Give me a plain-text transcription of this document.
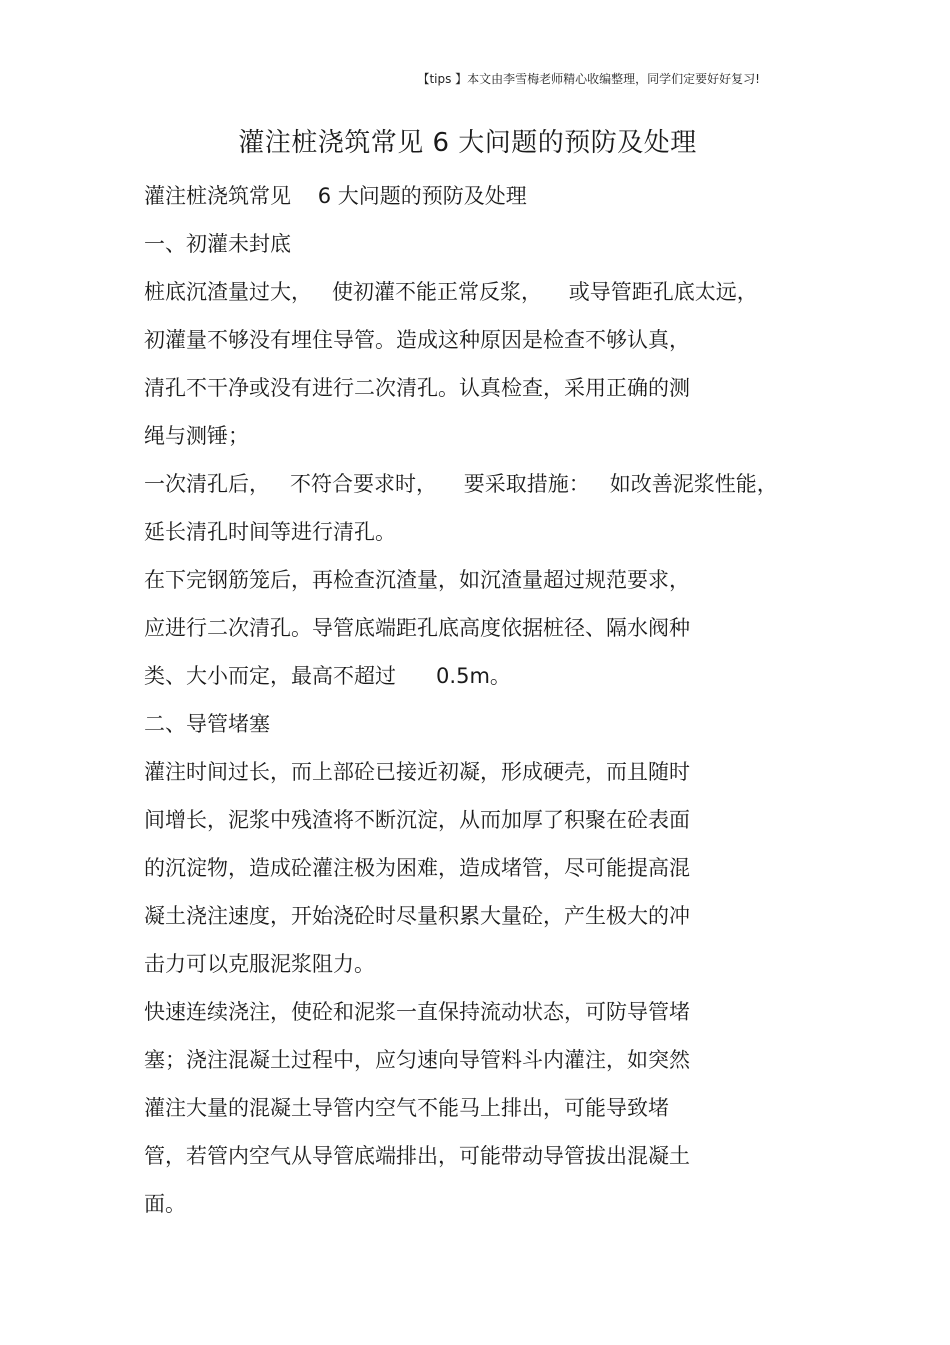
【tips 】本文由李雪梅老师精心收编整理，同学们定要好好复习!
灌注桩浇筑常见 6 大问题的预防及处理
灌注桩浇筑常见    6 大问题的预防及处理
一、初灌未封底
桩底沉渣量过大，   使初灌不能正常反浆，    或导管距孔底太远，
初灌量不够没有埋住导管。造成这种原因是检查不够认真，
清孔不干净或没有进行二次清孔。认真检查，采用正确的测
绳与测锤；
一次清孔后，   不符合要求时，    要采取措施：   如改善泥浆性能，
延长清孔时间等进行清孔。
在下完钢筋笼后，再检查沉渣量，如沉渣量超过规范要求，
应进行二次清孔。导管底端距孔底高度依据桩径、隔水阀种
类、大小而定，最高不超过      0.5m。
二、导管堵塞
灌注时间过长，而上部砼已接近初凝，形成硬壳，而且随时
间增长，泥浆中残渣将不断沉淀，从而加厚了积聚在砼表面
的沉淀物，造成砼灌注极为困难，造成堵管，尽可能提高混
凝土浇注速度，开始浇砼时尽量积累大量砼，产生极大的冲
击力可以克服泥浆阻力。
快速连续浇注，使砼和泥浆一直保持流动状态，可防导管堵
塞；浇注混凝土过程中，应匀速向导管料斗内灌注，如突然
灌注大量的混凝土导管内空气不能马上排出，可能导致堵
管，若管内空气从导管底端排出，可能带动导管拔出混凝土
面。
